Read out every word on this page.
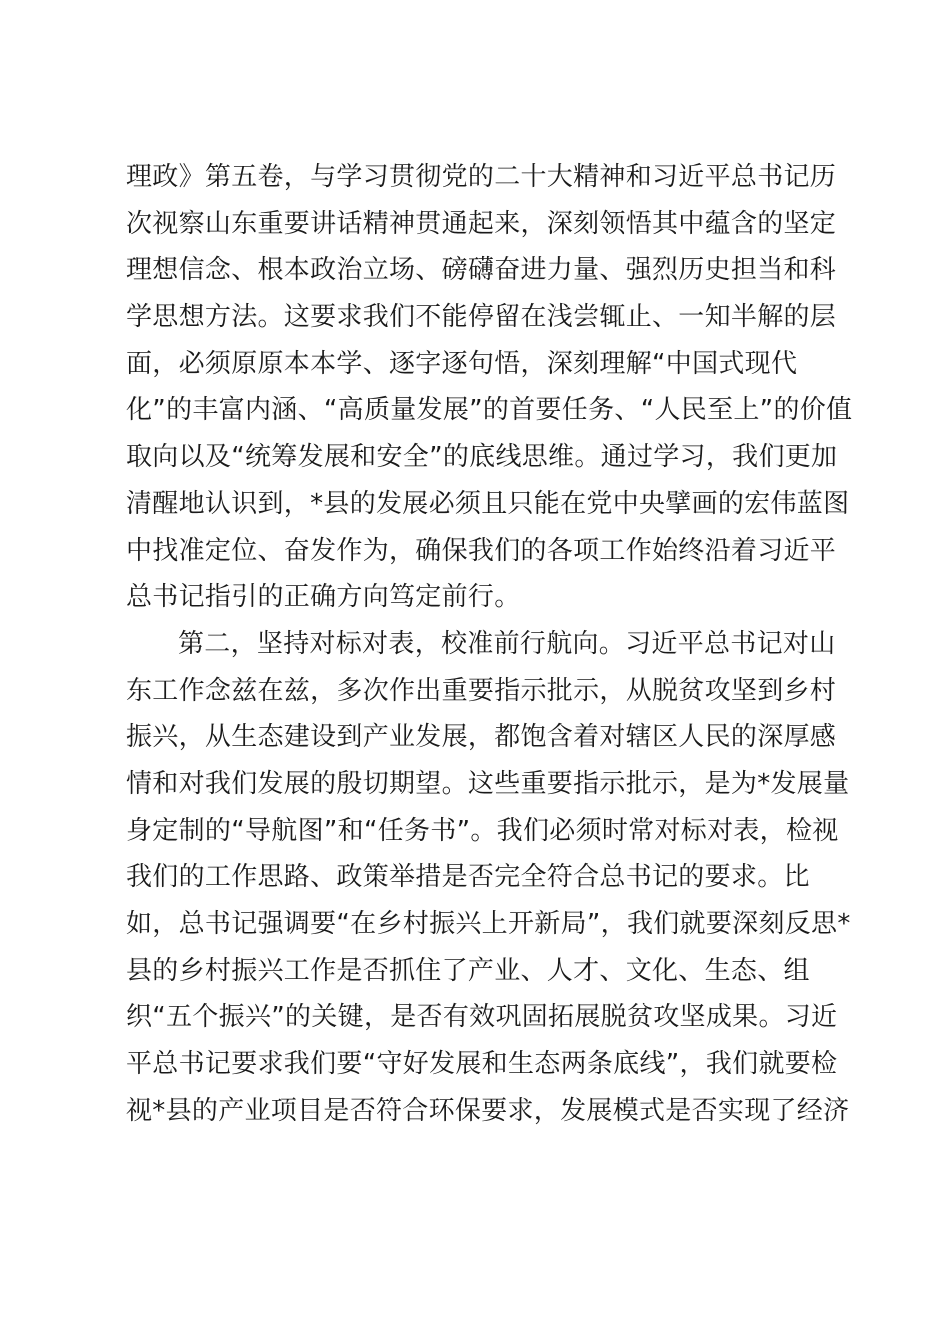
理政》第五卷，与学习贯彻党的二十大精神和习近平总书记历
次视察山东重要讲话精神贯通起来，深刻领悟其中蕴含的坚定
理想信念、根本政治立场、磅礴奋进力量、强烈历史担当和科
学思想方法。这要求我们不能停留在浅尝辄止、一知半解的层
面，必须原原本本学、逐字逐句悟，深刻理解“中国式现代
化”的丰富内涵、“高质量发展”的首要任务、“人民至上”的价值
取向以及“统筹发展和安全”的底线思维。通过学习，我们更加
清醒地认识到，*县的发展必须且只能在党中央擘画的宏伟蓝图
中找准定位、奋发作为，确保我们的各项工作始终沿着习近平
总书记指引的正确方向笃定前行。
第二，坚持对标对表，校准前行航向。习近平总书记对山
东工作念兹在兹，多次作出重要指示批示，从脱贫攻坚到乡村
振兴，从生态建设到产业发展，都饱含着对辖区人民的深厚感
情和对我们发展的殷切期望。这些重要指示批示，是为*发展量
身定制的“导航图”和“任务书”。我们必须时常对标对表，检视
我们的工作思路、政策举措是否完全符合总书记的要求。比
如，总书记强调要“在乡村振兴上开新局”，我们就要深刻反思*
县的乡村振兴工作是否抓住了产业、人才、文化、生态、组
织“五个振兴”的关键，是否有效巩固拓展脱贫攻坚成果。习近
平总书记要求我们要“守好发展和生态两条底线”，我们就要检
视*县的产业项目是否符合环保要求，发展模式是否实现了经济
